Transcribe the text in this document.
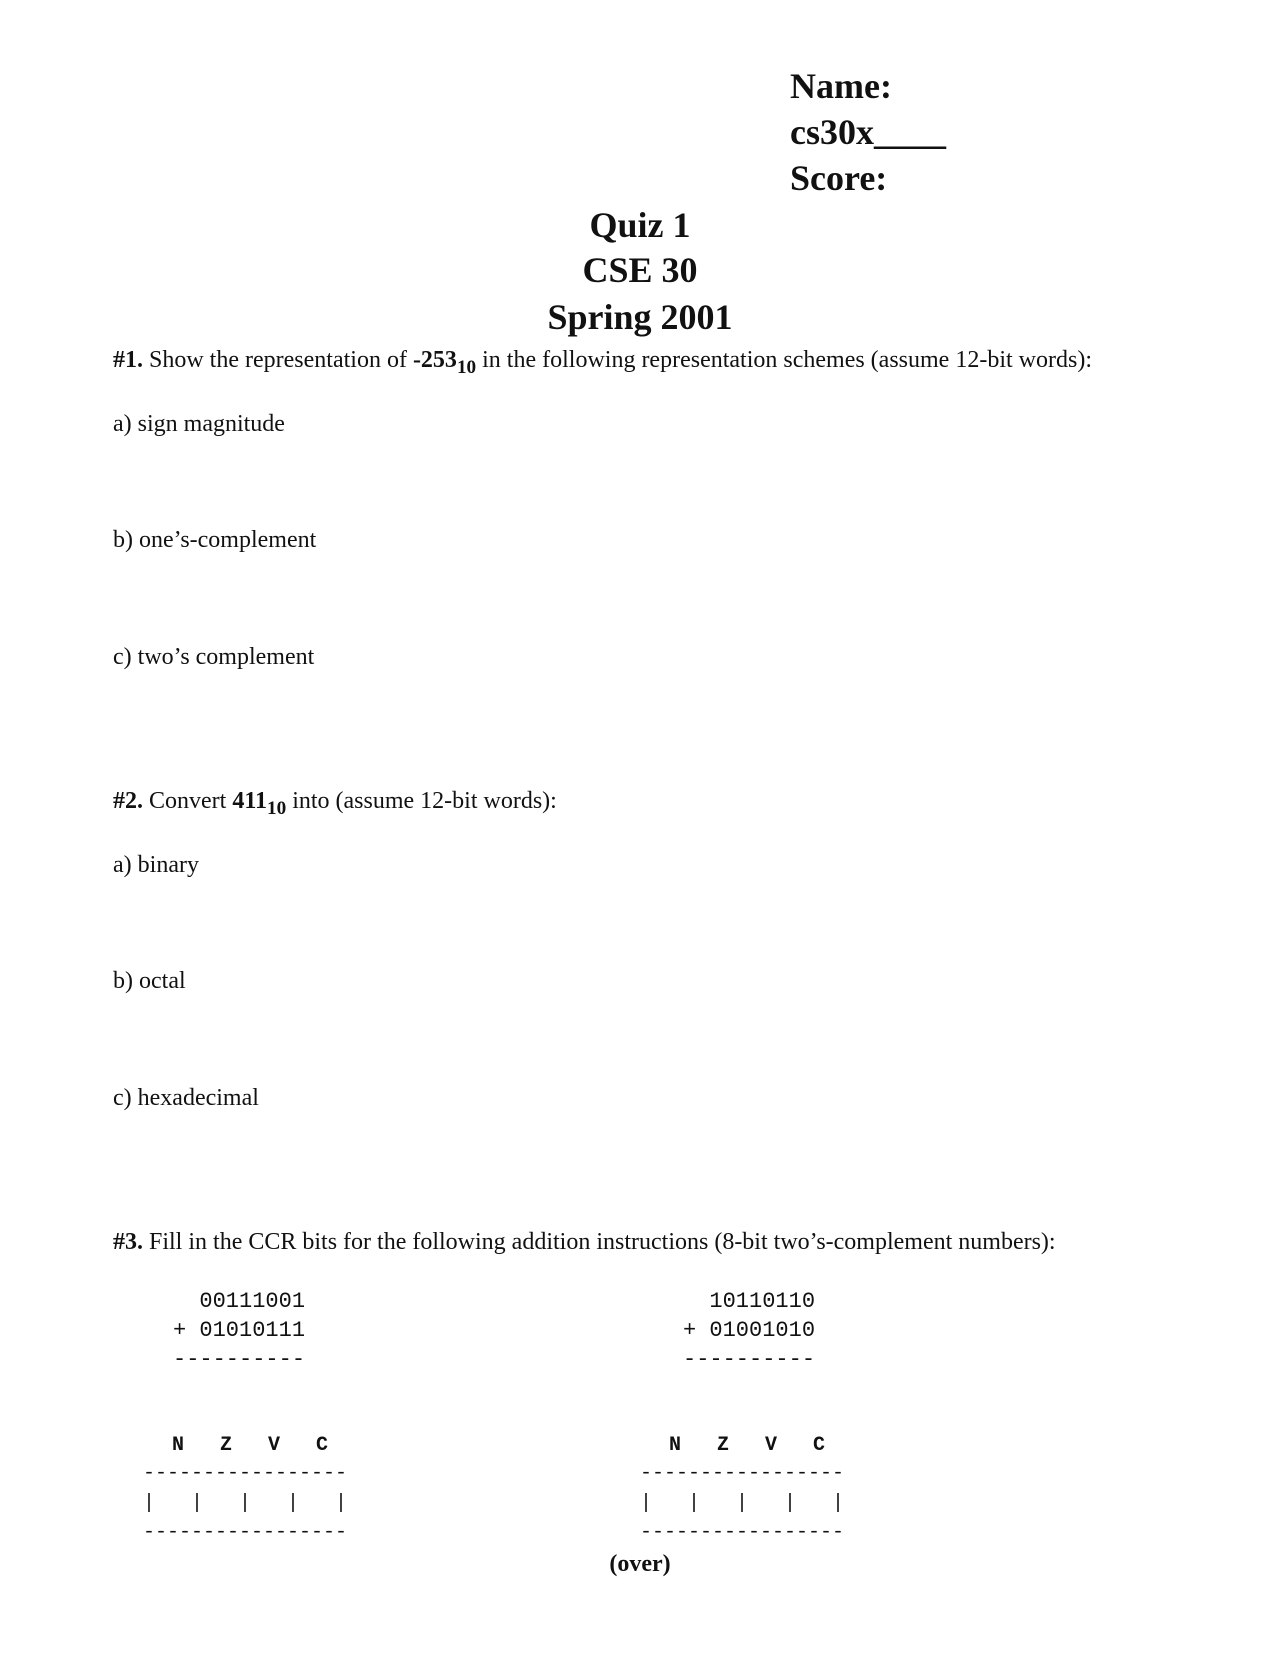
Name:
cs30x____
Score:
Quiz 1
CSE 30
Spring 2001
#1. Show the representation of $-253_{10}$ in the following representation schemes (assume 12-bit words):
a) sign magnitude
b) one’s-complement
c) two’s complement
#2. Convert $411_{10}$ into (assume 12-bit words):
a) binary
b) octal
c) hexadecimal
#3. Fill in the CCR bits for the following addition instructions (8-bit two’s-complement numbers):
00111001
+ 01010111
----------
N   Z   V   C
-----------------
|   |   |   |   |
-----------------
10110110
+ 01001010
----------
N   Z   V   C
-----------------
|   |   |   |   |
-----------------
(over)
